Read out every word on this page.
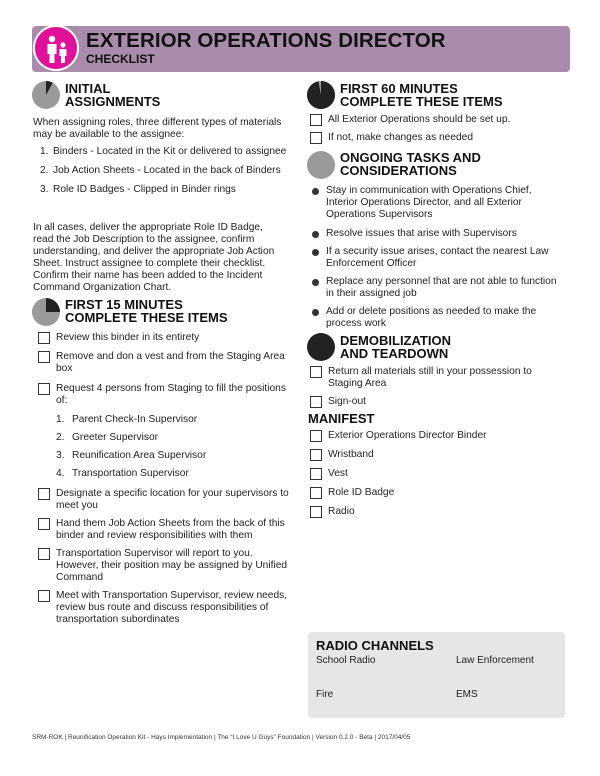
EXTERIOR OPERATIONS DIRECTOR
CHECKLIST
INITIAL
ASSIGNMENTS
When assigning roles, three different types of materials may be available to the assignee:
1. Binders - Located in the Kit or delivered to assignee
2. Job Action Sheets - Located in the back of Binders
3. Role ID Badges - Clipped in Binder rings
In all cases, deliver the appropriate Role ID Badge, read the Job Description to the assignee, confirm understanding, and deliver the appropriate Job Action Sheet. Instruct assignee to complete their checklist. Confirm their name has been added to the Incident Command Organization Chart.
FIRST 15 MINUTES
COMPLETE THESE ITEMS
Review this binder in its entirety
Remove and don a vest and from the Staging Area box
Request 4 persons from Staging to fill the positions of:
1. Parent Check-In Supervisor
2. Greeter Supervisor
3. Reunification Area Supervisor
4. Transportation Supervisor
Designate a specific location for your supervisors to meet you
Hand them Job Action Sheets from the back of this binder and review responsibilities with them
Transportation Supervisor will report to you. However, their position may be assigned by Unified Command
Meet with Transportation Supervisor, review needs, review bus route and discuss responsibilities of transportation subordinates
FIRST 60 MINUTES
COMPLETE THESE ITEMS
All Exterior Operations should be set up.
If not, make changes as needed
ONGOING TASKS AND
CONSIDERATIONS
Stay in communication with Operations Chief, Interior Operations Director, and all Exterior Operations Supervisors
Resolve issues that arise with Supervisors
If a security issue arises, contact the nearest Law Enforcement Officer
Replace any personnel that are not able to function in their assigned job
Add or delete positions as needed to make the process work
DEMOBILIZATION
AND TEARDOWN
Return all materials still in your possession to Staging Area
Sign-out
MANIFEST
Exterior Operations Director Binder
Wristband
Vest
Role ID Badge
Radio
RADIO CHANNELS
School Radio	Law Enforcement
Fire	EMS
SRM-ROK | Reunification Operation Kit - Hays Implementation | The “I Love U Guys” Foundation | Version 0.2.0 - Beta | 2017/04/05
